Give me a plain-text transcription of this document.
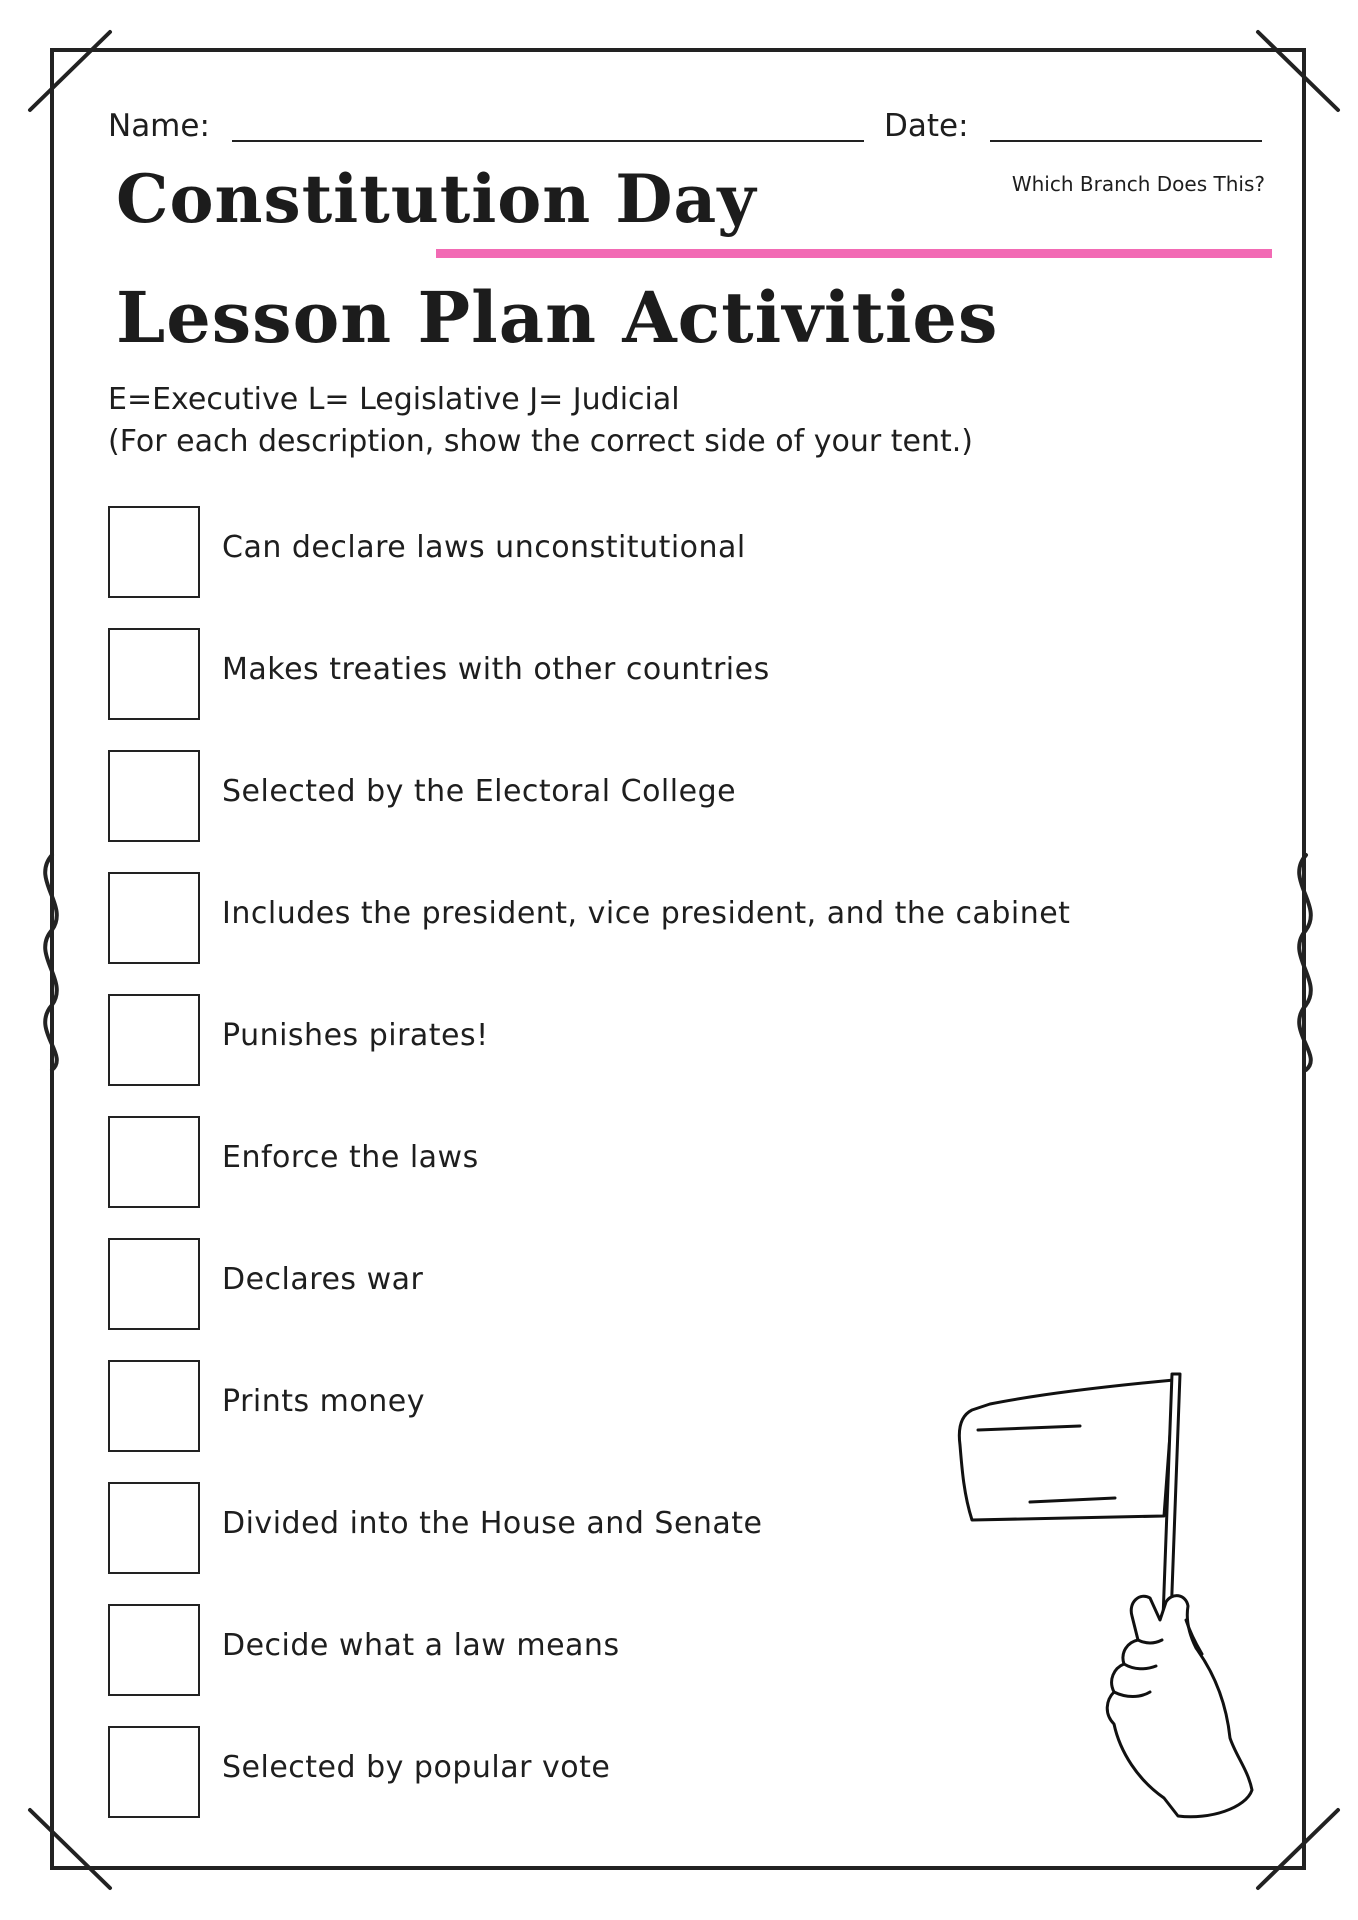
Name:	Date:
Constitution Day	Which Branch Does This?
Lesson Plan Activities
E=Executive L= Legislative J= Judicial
(For each description, show the correct side of your tent.)
Can declare laws unconstitutional
Makes treaties with other countries
Selected by the Electoral College
Includes the president, vice president, and the cabinet
Punishes pirates!
Enforce the laws
Declares war
Prints money
Divided into the House and Senate
Decide what a law means
Selected by popular vote
